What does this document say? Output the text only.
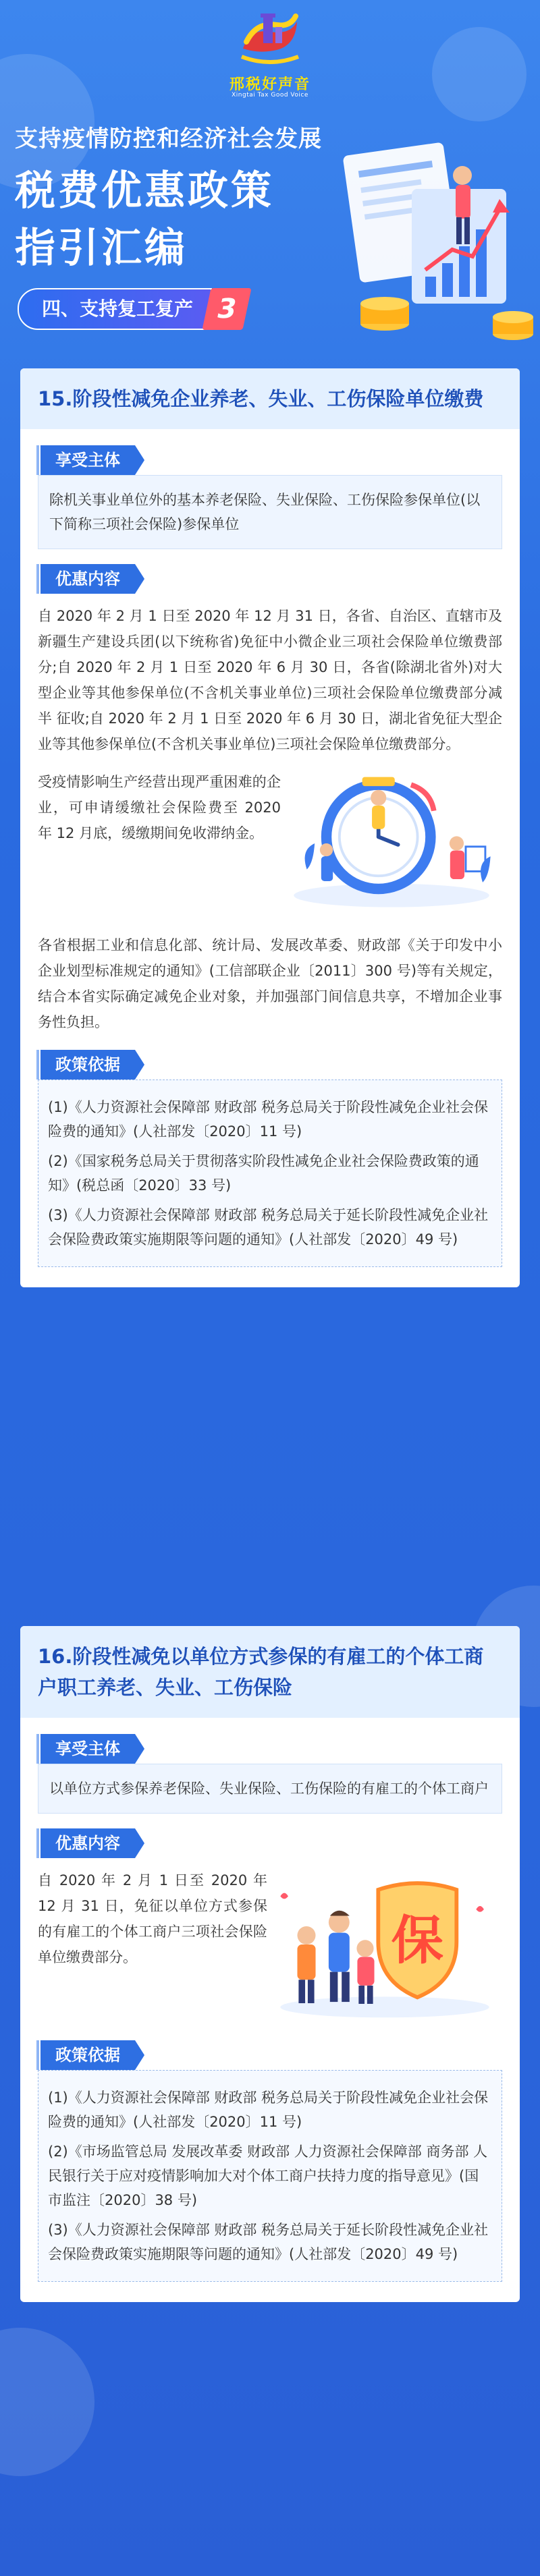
邢税好声音
Xingtai Tax Good Voice
支持疫情防控和经济社会发展
税费优惠政策
指引汇编
四、支持复工复产 3
15.阶段性减免企业养老、失业、工伤保险单位缴费
享受主体
除机关事业单位外的基本养老保险、失业保险、工伤保险参保单位(以下简称三项社会保险)参保单位
优惠内容
自 2020 年 2 月 1 日至 2020 年 12 月 31 日，各省、自治区、直辖市及新疆生产建设兵团(以下统称省)免征中小微企业三项社会保险单位缴费部分;自 2020 年 2 月 1 日至 2020 年 6 月 30 日，各省(除湖北省外)对大型企业等其他参保单位(不含机关事业单位)三项社会保险单位缴费部分减半 征收;自 2020 年 2 月 1 日至 2020 年 6 月 30 日，湖北省免征大型企业等其他参保单位(不含机关事业单位)三项社会保险单位缴费部分。
受疫情影响生产经营出现严重困难的企业，可申请缓缴社会保险费至 2020 年 12 月底，缓缴期间免收滞纳金。
各省根据工业和信息化部、统计局、发展改革委、财政部《关于印发中小企业划型标准规定的通知》(工信部联企业〔2011〕300 号)等有关规定，结合本省实际确定减免企业对象，并加强部门间信息共享，不增加企业事务性负担。
政策依据

(1)《人力资源社会保障部 财政部 税务总局关于阶段性减免企业社会保险费的通知》(人社部发〔2020〕11 号)

(2)《国家税务总局关于贯彻落实阶段性减免企业社会保险费政策的通知》(税总函〔2020〕33 号)

(3)《人力资源社会保障部 财政部 税务总局关于延长阶段性减免企业社会保险费政策实施期限等问题的通知》(人社部发〔2020〕49 号)

16.阶段性减免以单位方式参保的有雇工的个体工商户职工养老、失业、工伤保险
享受主体
以单位方式参保养老保险、失业保险、工伤保险的有雇工的个体工商户
优惠内容
自 2020 年 2 月 1 日至 2020 年 12 月 31 日，免征以单位方式参保的有雇工的个体工商户三项社会保险单位缴费部分。	保
政策依据

(1)《人力资源社会保障部 财政部 税务总局关于阶段性减免企业社会保险费的通知》(人社部发〔2020〕11 号)

(2)《市场监管总局 发展改革委 财政部 人力资源社会保障部 商务部 人民银行关于应对疫情影响加大对个体工商户扶持力度的指导意见》(国市监注〔2020〕38 号)

(3)《人力资源社会保障部 财政部 税务总局关于延长阶段性减免企业社会保险费政策实施期限等问题的通知》(人社部发〔2020〕49 号)
